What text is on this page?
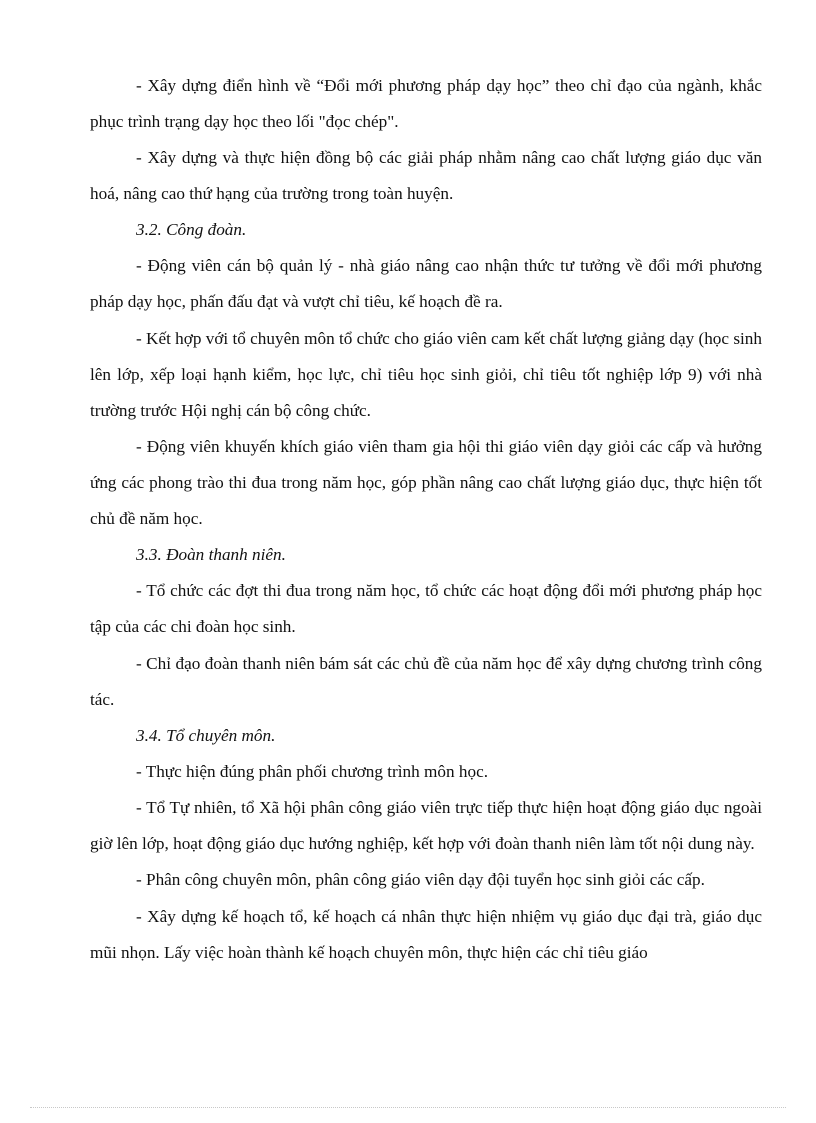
- Xây dựng điển hình về “Đổi mới phương pháp dạy học” theo chỉ đạo của ngành, khắc phục trình trạng dạy học theo lối "đọc chép".

- Xây dựng và thực hiện đồng bộ các giải pháp nhằm nâng cao chất lượng giáo dục văn hoá, nâng cao thứ hạng của trường trong toàn huyện.

3.2. Công đoàn.

- Động viên cán bộ quản lý - nhà giáo nâng cao nhận thức tư tưởng về đổi mới phương pháp dạy học, phấn đấu đạt và vượt chỉ tiêu, kế hoạch đề ra.

- Kết hợp với tổ chuyên môn tổ chức cho giáo viên cam kết chất lượng giảng dạy (học sinh lên lớp, xếp loại hạnh kiểm, học lực, chỉ tiêu học sinh giỏi, chỉ tiêu tốt nghiệp lớp 9) với nhà trường trước Hội nghị cán bộ công chức.

- Động viên khuyến khích giáo viên tham gia hội thi giáo viên dạy giỏi các cấp và hưởng ứng các phong trào thi đua trong năm học, góp phần nâng cao chất lượng giáo dục, thực hiện tốt chủ đề năm học.

3.3. Đoàn thanh niên.

- Tổ chức các đợt thi đua trong năm học, tổ chức các hoạt động đổi mới phương pháp học tập của các chi đoàn học sinh.

- Chỉ đạo đoàn thanh niên bám sát các chủ đề của năm học để xây dựng chương trình công tác.

3.4. Tổ chuyên môn.

- Thực hiện đúng phân phối chương trình môn học.

- Tổ Tự nhiên, tổ Xã hội phân công giáo viên trực tiếp thực hiện hoạt động giáo dục ngoài giờ lên lớp, hoạt động giáo dục hướng nghiệp, kết hợp với đoàn thanh niên làm tốt nội dung này.

- Phân công chuyên môn, phân công giáo viên dạy đội tuyển học sinh giỏi các cấp.

- Xây dựng kế hoạch tổ, kế hoạch cá nhân thực hiện nhiệm vụ giáo dục đại trà, giáo dục mũi nhọn. Lấy việc hoàn thành kế hoạch chuyên môn, thực hiện các chỉ tiêu giáo
